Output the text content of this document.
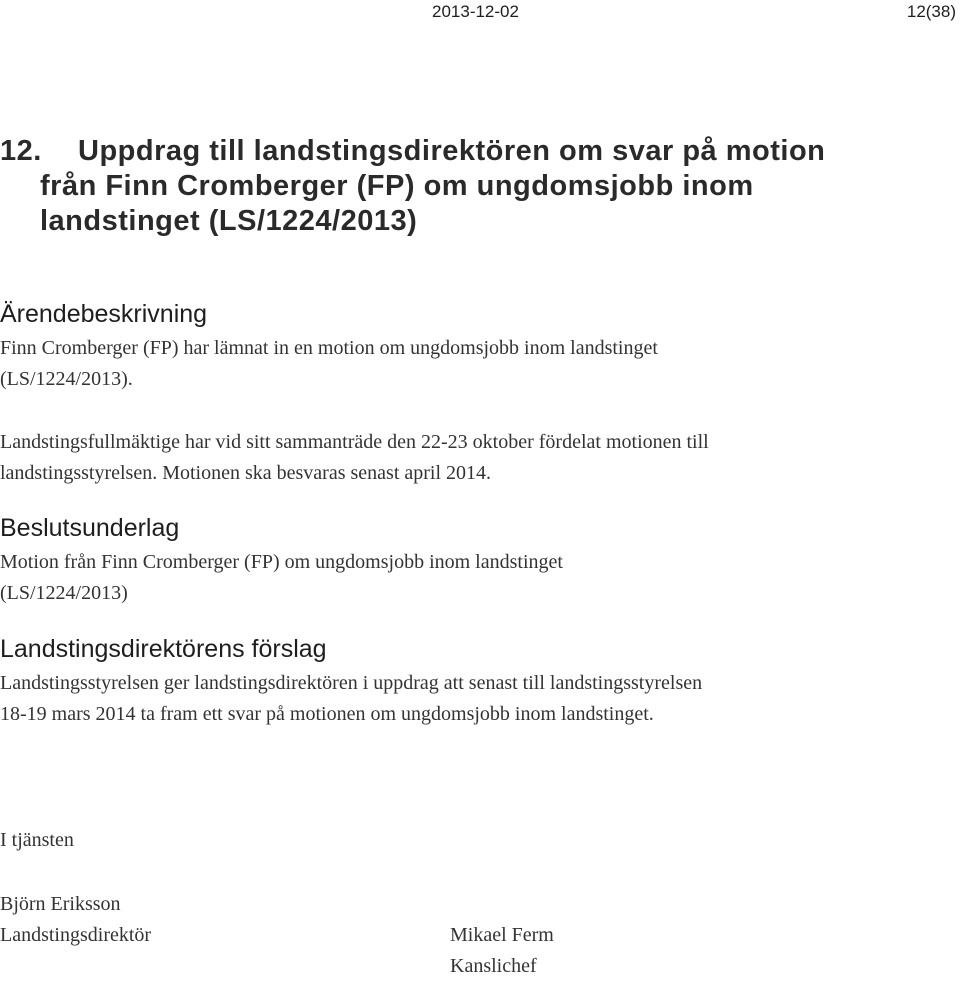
2013-12-02	12(38)
12. Uppdrag till landstingsdirektören om svar på motion
från Finn Cromberger (FP) om ungdomsjobb inom
landstinget (LS/1224/2013)
Ärendebeskrivning

Finn Cromberger (FP) har lämnat in en motion om ungdomsjobb inom landstinget

(LS/1224/2013).

Landstingsfullmäktige har vid sitt sammanträde den 22-23 oktober fördelat motionen till

landstingsstyrelsen. Motionen ska besvaras senast april 2014.

Beslutsunderlag

Motion från Finn Cromberger (FP) om ungdomsjobb inom landstinget

(LS/1224/2013)

Landstingsdirektörens förslag

Landstingsstyrelsen ger landstingsdirektören i uppdrag att senast till landstingsstyrelsen

18-19 mars 2014 ta fram ett svar på motionen om ungdomsjobb inom landstinget.

I tjänsten
Björn Eriksson
Landstingsdirektör	Mikael Ferm
Kanslichef
